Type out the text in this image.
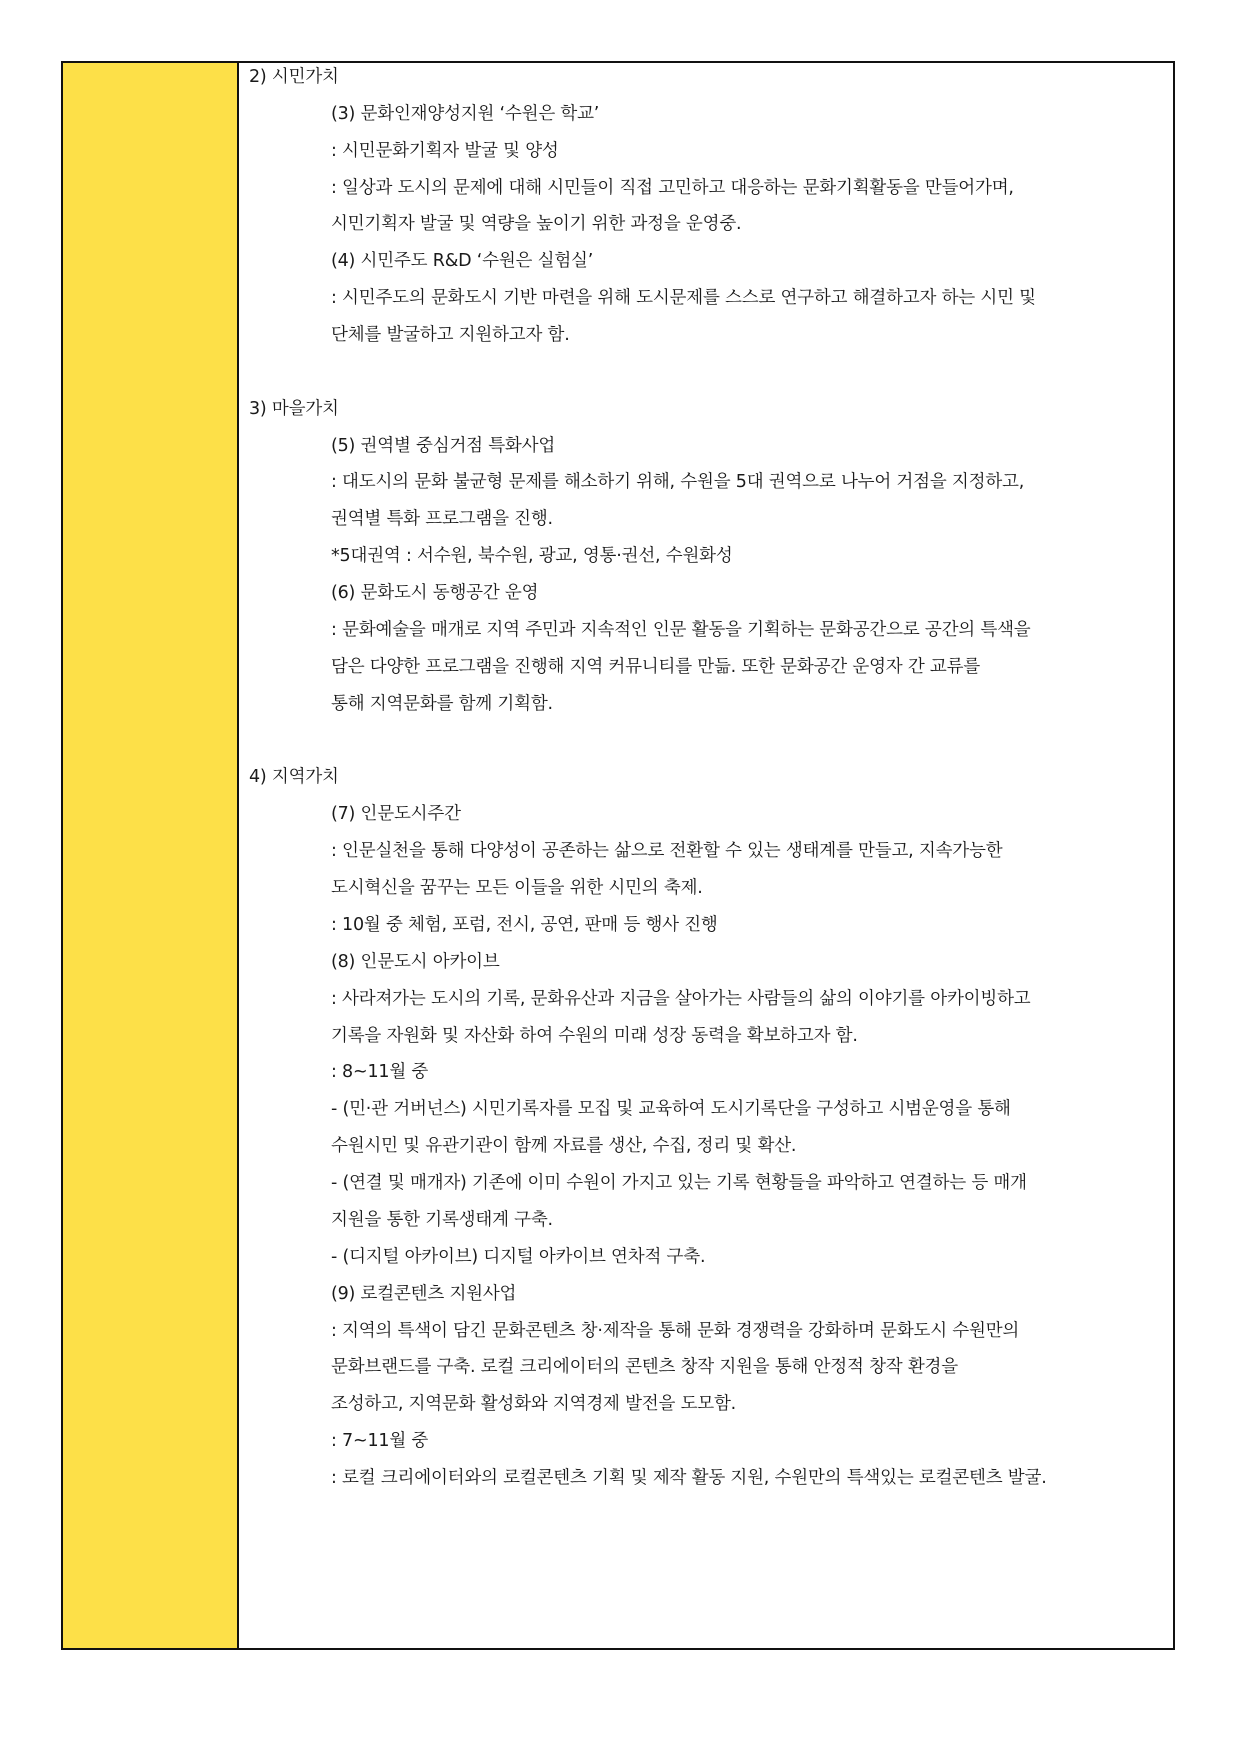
2) 시민가치
(3) 문화인재양성지원 ‘수원은 학교’
: 시민문화기획자 발굴 및 양성
: 일상과 도시의 문제에 대해 시민들이 직접 고민하고 대응하는 문화기획활동을 만들어가며,
시민기획자 발굴 및 역량을 높이기 위한 과정을 운영중.
(4) 시민주도 R&D ‘수원은 실험실’
: 시민주도의 문화도시 기반 마련을 위해 도시문제를 스스로 연구하고 해결하고자 하는 시민 및
단체를 발굴하고 지원하고자 함.
3) 마을가치
(5) 권역별 중심거점 특화사업
: 대도시의 문화 불균형 문제를 해소하기 위해, 수원을 5대 권역으로 나누어 거점을 지정하고,
권역별 특화 프로그램을 진행.
*5대권역 : 서수원, 북수원, 광교, 영통·권선, 수원화성
(6) 문화도시 동행공간 운영
: 문화예술을 매개로 지역 주민과 지속적인 인문 활동을 기획하는 문화공간으로 공간의 특색을
담은 다양한 프로그램을 진행해 지역 커뮤니티를 만듦. 또한 문화공간 운영자 간 교류를
통해 지역문화를 함께 기획함.
4) 지역가치
(7) 인문도시주간
: 인문실천을 통해 다양성이 공존하는 삶으로 전환할 수 있는 생태계를 만들고, 지속가능한
도시혁신을 꿈꾸는 모든 이들을 위한 시민의 축제.
: 10월 중 체험, 포럼, 전시, 공연, 판매 등 행사 진행
(8) 인문도시 아카이브
: 사라져가는 도시의 기록, 문화유산과 지금을 살아가는 사람들의 삶의 이야기를 아카이빙하고
기록을 자원화 및 자산화 하여 수원의 미래 성장 동력을 확보하고자 함.
: 8~11월 중
- (민·관 거버넌스) 시민기록자를 모집 및 교육하여 도시기록단을 구성하고 시범운영을 통해
수원시민 및 유관기관이 함께 자료를 생산, 수집, 정리 및 확산.
- (연결 및 매개자) 기존에 이미 수원이 가지고 있는 기록 현황들을 파악하고 연결하는 등 매개
지원을 통한 기록생태계 구축.
- (디지털 아카이브) 디지털 아카이브 연차적 구축.
(9) 로컬콘텐츠 지원사업
: 지역의 특색이 담긴 문화콘텐츠 창·제작을 통해 문화 경쟁력을 강화하며 문화도시 수원만의
문화브랜드를 구축. 로컬 크리에이터의 콘텐츠 창작 지원을 통해 안정적 창작 환경을
조성하고, 지역문화 활성화와 지역경제 발전을 도모함.
: 7~11월 중
: 로컬 크리에이터와의 로컬콘텐츠 기획 및 제작 활동 지원, 수원만의 특색있는 로컬콘텐츠 발굴.
